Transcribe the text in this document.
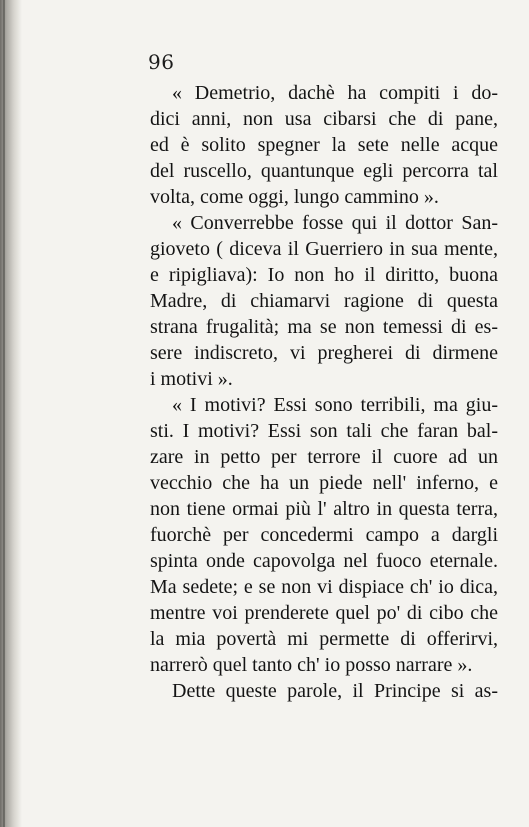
96
« Demetrio, dachè ha compiti i do-
dici anni, non usa cibarsi che di pane,
ed è solito spegner la sete nelle acque
del ruscello, quantunque egli percorra tal
volta, come oggi, lungo cammino ».
« Converrebbe fosse qui il dottor San-
gioveto ( diceva il Guerriero in sua mente,
e ripigliava): Io non ho il diritto, buona
Madre, di chiamarvi ragione di questa
strana frugalità; ma se non temessi di es-
sere indiscreto, vi pregherei di dirmene
i motivi ».
« I motivi? Essi sono terribili, ma giu-
sti. I motivi? Essi son tali che faran bal-
zare in petto per terrore il cuore ad un
vecchio che ha un piede nell' inferno, e
non tiene ormai più l' altro in questa terra,
fuorchè per concedermi campo a dargli
spinta onde capovolga nel fuoco eternale.
Ma sedete; e se non vi dispiace ch' io dica,
mentre voi prenderete quel po' di cibo che
la mia povertà mi permette di offerirvi,
narrerò quel tanto ch' io posso narrare ».
Dette queste parole, il Principe si as-
